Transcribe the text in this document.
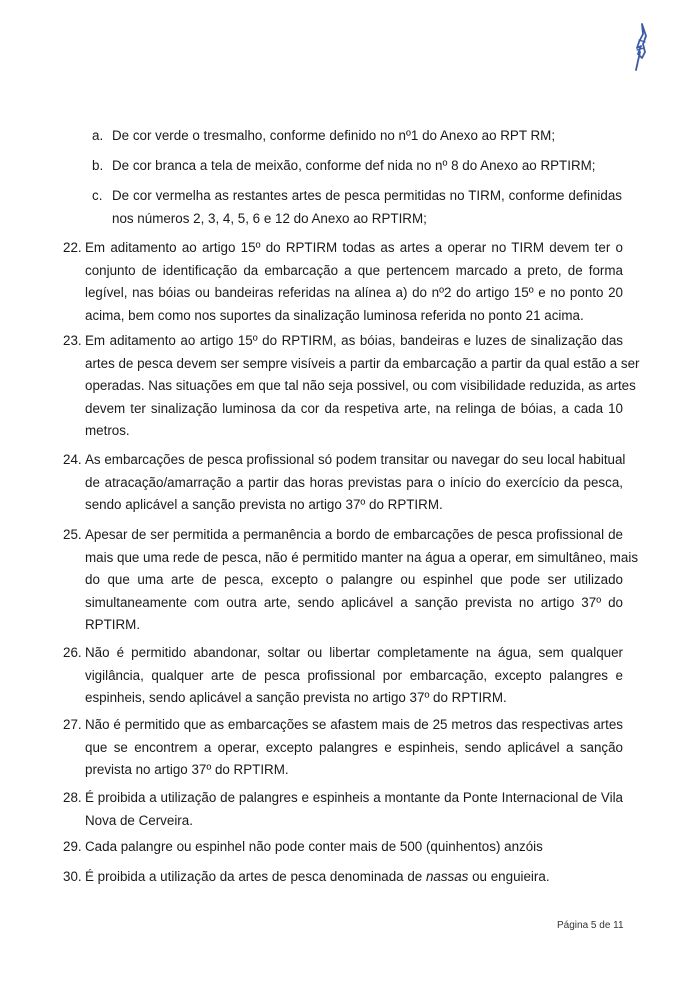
a. De cor verde o tresmalho, conforme definido no nº1 do Anexo ao RPT RM;
b. De cor branca a tela de meixão, conforme def nida no nº 8 do Anexo ao RPTIRM;
c. De cor vermelha as restantes artes de pesca permitidas no TIRM, conforme definidas
nos números 2, 3, 4, 5, 6 e 12 do Anexo ao RPTIRM;
22. Em aditamento ao artigo 15º do RPTIRM todas as artes a operar no TIRM devem ter o
conjunto de identificação da embarcação a que pertencem marcado a preto, de forma
legível, nas bóias ou bandeiras referidas na alínea a) do nº2 do artigo 15º e no ponto 20
acima, bem como nos suportes da sinalização luminosa referida no ponto 21 acima.
23. Em aditamento ao artigo 15º do RPTIRM, as bóias, bandeiras e luzes de sinalização das
artes de pesca devem ser sempre visíveis a partir da embarcação a partir da qual estão a ser
operadas. Nas situações em que tal não seja possivel, ou com visibilidade reduzida, as artes
devem ter sinalização luminosa da cor da respetiva arte, na relinga de bóias, a cada 10
metros.
24. As embarcações de pesca profissional só podem transitar ou navegar do seu local habitual
de atracação/amarração a partir das horas previstas para o início do exercício da pesca,
sendo aplicável a sanção prevista no artigo 37º do RPTIRM.
25. Apesar de ser permitida a permanência a bordo de embarcações de pesca profissional de
mais que uma rede de pesca, não é permitido manter na água a operar, em simultâneo, mais
do que uma arte de pesca, excepto o palangre ou espinhel que pode ser utilizado
simultaneamente com outra arte, sendo aplicável a sanção prevista no artigo 37º do
RPTIRM.
26. Não é permitido abandonar, soltar ou libertar completamente na água, sem qualquer
vigilância, qualquer arte de pesca profissional por embarcação, excepto palangres e
espinheis, sendo aplicável a sanção prevista no artigo 37º do RPTIRM.
27. Não é permitido que as embarcações se afastem mais de 25 metros das respectivas artes
que se encontrem a operar, excepto palangres e espinheis, sendo aplicável a sanção
prevista no artigo 37º do RPTIRM.
28. É proibida a utilização de palangres e espinheis a montante da Ponte Internacional de Vila
Nova de Cerveira.
29. Cada palangre ou espinhel não pode conter mais de 500 (quinhentos) anzóis
30. É proibida a utilização da artes de pesca denominada de nassas ou enguieira.
Página 5 de 11
